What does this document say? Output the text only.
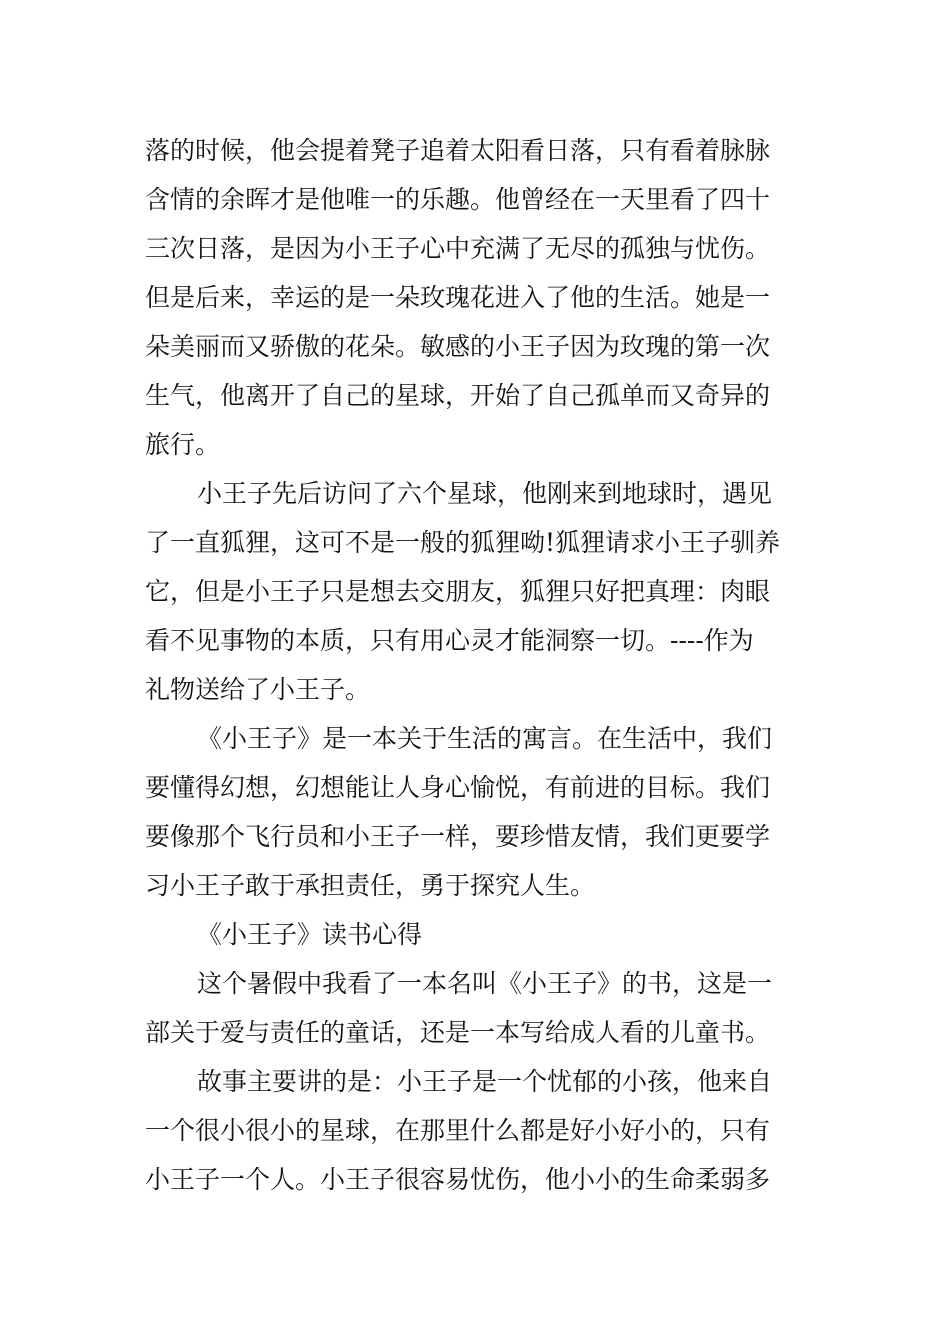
落的时候，他会提着凳子追着太阳看日落，只有看着脉脉
含情的余晖才是他唯一的乐趣。他曾经在一天里看了四十
三次日落，是因为小王子心中充满了无尽的孤独与忧伤。
但是后来，幸运的是一朵玫瑰花进入了他的生活。她是一
朵美丽而又骄傲的花朵。敏感的小王子因为玫瑰的第一次
生气，他离开了自己的星球，开始了自己孤单而又奇异的
旅行。
小王子先后访问了六个星球，他刚来到地球时，遇见
了一直狐狸，这可不是一般的狐狸呦!狐狸请求小王子驯养
它，但是小王子只是想去交朋友，狐狸只好把真理：肉眼
看不见事物的本质，只有用心灵才能洞察一切。----作为
礼物送给了小王子。
《小王子》是一本关于生活的寓言。在生活中，我们
要懂得幻想，幻想能让人身心愉悦，有前进的目标。我们
要像那个飞行员和小王子一样，要珍惜友情，我们更要学
习小王子敢于承担责任，勇于探究人生。
《小王子》读书心得
这个暑假中我看了一本名叫《小王子》的书，这是一
部关于爱与责任的童话，还是一本写给成人看的儿童书。
故事主要讲的是：小王子是一个忧郁的小孩，他来自
一个很小很小的星球，在那里什么都是好小好小的，只有
小王子一个人。小王子很容易忧伤，他小小的生命柔弱多
